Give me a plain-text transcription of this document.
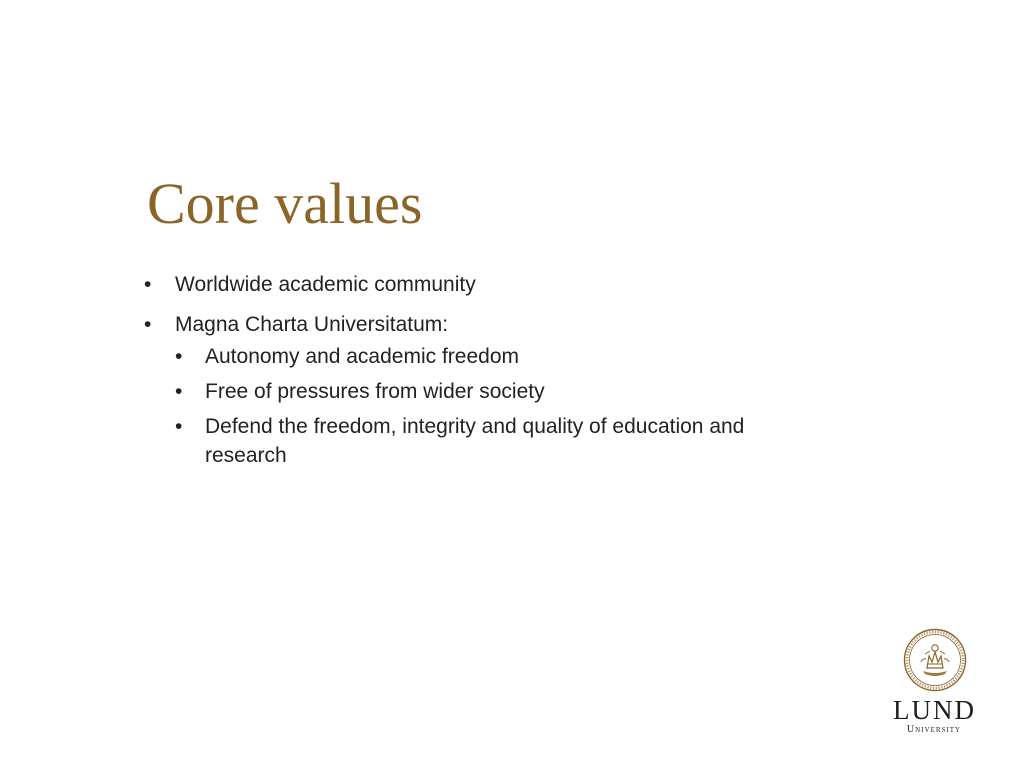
Core values
•	Worldwide academic community
•	Magna Charta Universitatum:
•	Autonomy and academic freedom
•	Free of pressures from wider society
•	Defend the freedom, integrity and quality of education and research
LUND
University
